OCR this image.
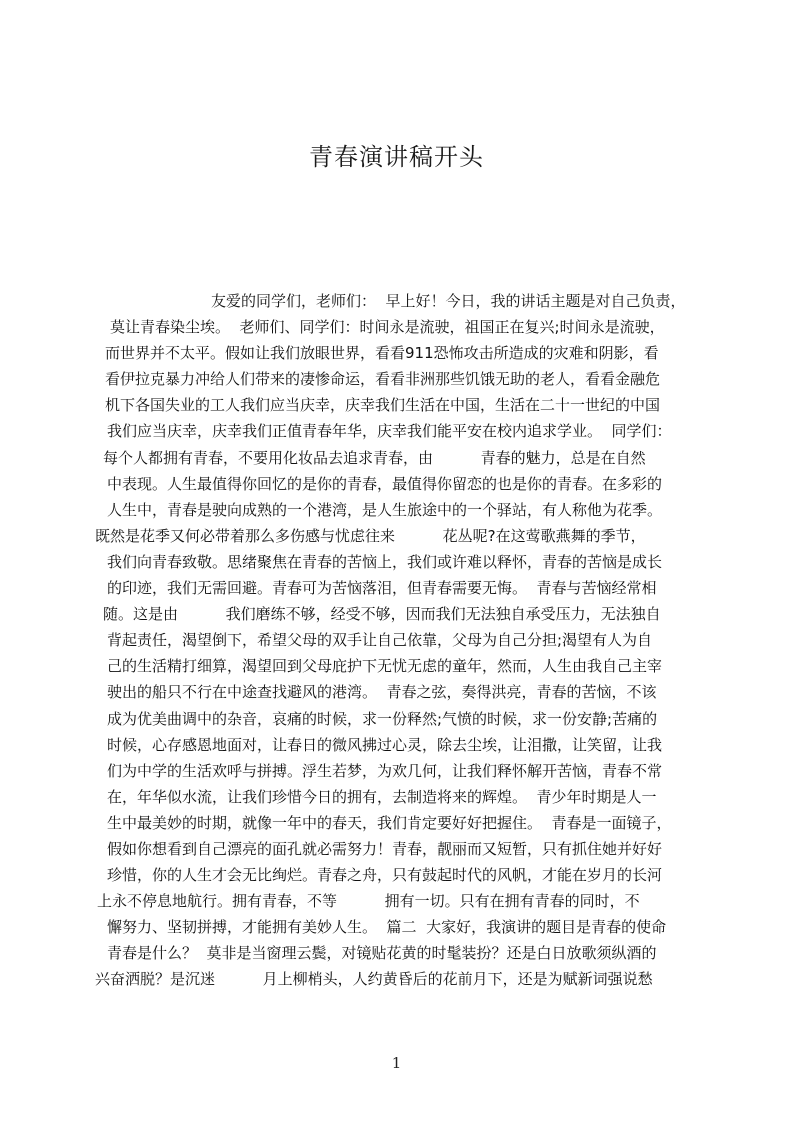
青春演讲稿开头
友爱的同学们，老师们：  早上好！今日，我的讲话主题是对自己负责，
莫让青春染尘埃。  老师们、同学们：时间永是流驶，祖国正在复兴;时间永是流驶，
而世界并不太平。假如让我们放眼世界，看看911恐怖攻击所造成的灾难和阴影，看
看伊拉克暴力冲给人们带来的凄惨命运，看看非洲那些饥饿无助的老人，看看金融危
机下各国失业的工人我们应当庆幸，庆幸我们生活在中国，生活在二十一世纪的中国
我们应当庆幸，庆幸我们正值青春年华，庆幸我们能平安在校内追求学业。  同学们：
每个人都拥有青春，不要用化妆品去追求青春，由          青春的魅力，总是在自然
中表现。人生最值得你回忆的是你的青春，最值得你留恋的也是你的青春。在多彩的
人生中，青春是驶向成熟的一个港湾，是人生旅途中的一个驿站，有人称他为花季。
既然是花季又何必带着那么多伤感与忧虑往来          花丛呢?在这莺歌燕舞的季节，
我们向青春致敬。思绪聚焦在青春的苦恼上，我们或许难以释怀，青春的苦恼是成长
的印迹，我们无需回避。青春可为苦恼落泪，但青春需要无悔。  青春与苦恼经常相
随。这是由          我们磨练不够，经受不够，因而我们无法独自承受压力，无法独自
背起责任，渴望倒下，希望父母的双手让自己依靠，父母为自己分担;渴望有人为自
己的生活精打细算，渴望回到父母庇护下无忧无虑的童年，然而，人生由我自己主宰
驶出的船只不行在中途查找避风的港湾。  青春之弦，奏得洪亮，青春的苦恼，不该
成为优美曲调中的杂音，哀痛的时候，求一份释然;气愤的时候，求一份安静;苦痛的
时候，心存感恩地面对，让春日的微风拂过心灵，除去尘埃，让泪撒，让笑留，让我
们为中学的生活欢呼与拼搏。浮生若梦，为欢几何，让我们释怀解开苦恼，青春不常
在，年华似水流，让我们珍惜今日的拥有，去制造将来的辉煌。  青少年时期是人一
生中最美妙的时期，就像一年中的春天，我们肯定要好好把握住。  青春是一面镜子，
假如你想看到自己漂亮的面孔就必需努力！青春，靓丽而又短暂，只有抓住她并好好
珍惜，你的人生才会无比绚烂。青春之舟，只有鼓起时代的风帆，才能在岁月的长河
上永不停息地航行。拥有青春，不等          拥有一切。只有在拥有青春的同时，不
懈努力、坚韧拼搏，才能拥有美妙人生。  篇二  大家好，我演讲的题目是青春的使命
青春是什么？  莫非是当窗理云鬓，对镜贴花黄的时髦装扮？还是白日放歌须纵酒的
兴奋洒脱？是沉迷          月上柳梢头，人约黄昏后的花前月下，还是为赋新词强说愁
1
